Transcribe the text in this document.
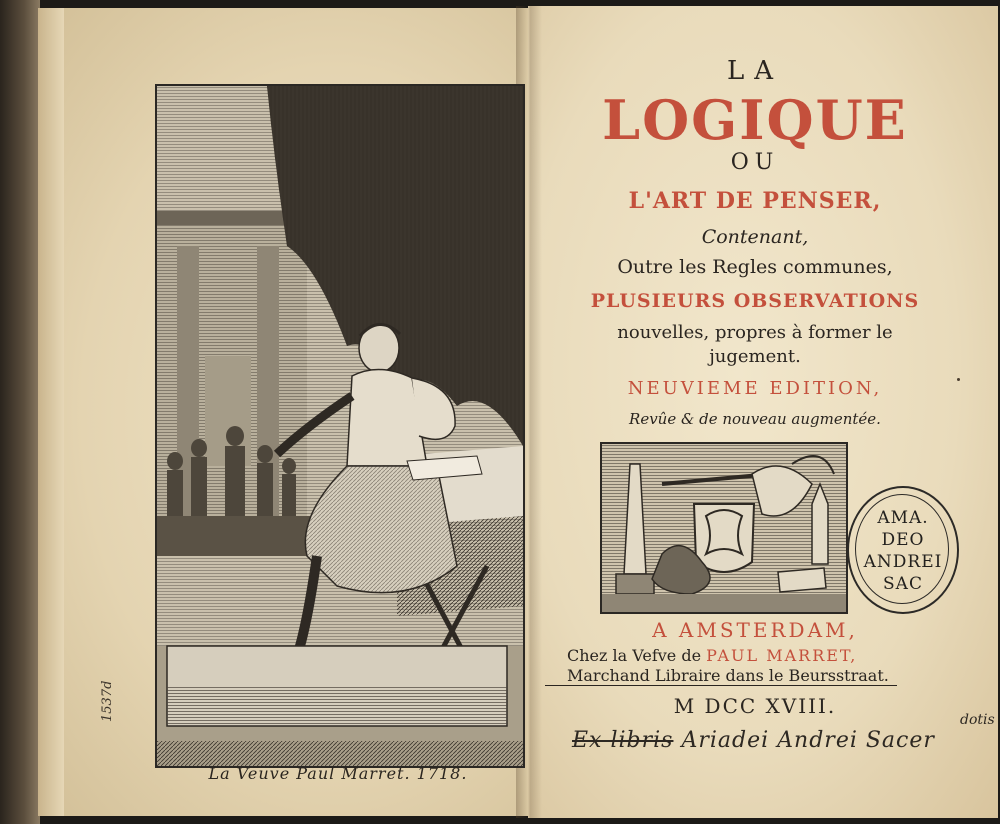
La Veuve Paul Marret. 1718.
1537d
LA
LOGIQUE
OU
L'ART DE PENSER,
Contenant,
Outre les Regles communes,
PLUSIEURS OBSERVATIONS
nouvelles, propres à former le
jugement.
NEUVIEME EDITION,
Revûe & de nouveau augmentée.
AMA.
DEO
ANDREI
SAC
A AMSTERDAM,
Chez la Vefve de PAUL MARRET,
Marchand Libraire dans le Beursstraat.
M DCC XVIII.
Ex libris Ariadei Andrei Sacer
dotis
